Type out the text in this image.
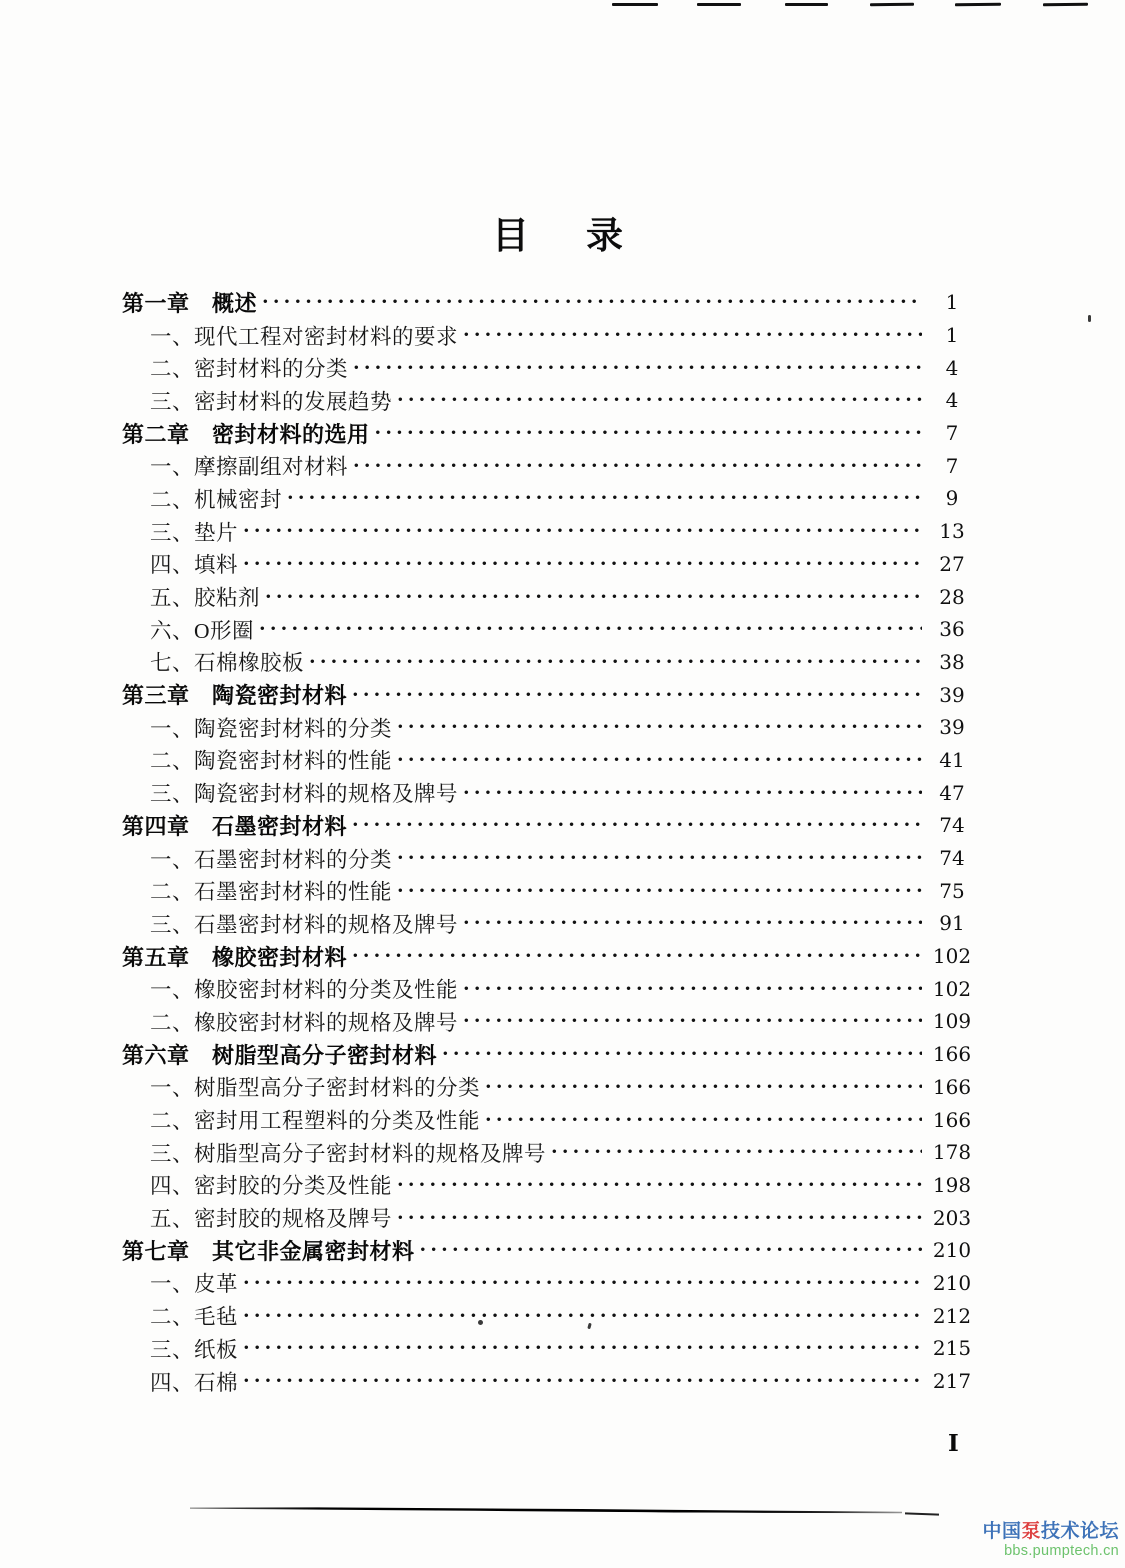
目　录
第一章　概述 ·····	1
一、现代工程对密封材料的要求 ·····	1
二、密封材料的分类 ·····	4
三、密封材料的发展趋势 ·····	4
第二章　密封材料的选用 ·····	7
一、摩擦副组对材料 ·····	7
二、机械密封 ·····	9
三、垫片 ·····	13
四、填料 ·····	27
五、胶粘剂 ·····	28
六、O形圈 ·····	36
七、石棉橡胶板 ·····	38
第三章　陶瓷密封材料 ·····	39
一、陶瓷密封材料的分类 ·····	39
二、陶瓷密封材料的性能 ·····	41
三、陶瓷密封材料的规格及牌号 ·····	47
第四章　石墨密封材料 ·····	74
一、石墨密封材料的分类 ·····	74
二、石墨密封材料的性能 ·····	75
三、石墨密封材料的规格及牌号 ·····	91
第五章　橡胶密封材料 ·····	102
一、橡胶密封材料的分类及性能 ·····	102
二、橡胶密封材料的规格及牌号 ·····	109
第六章　树脂型高分子密封材料 ·····	166
一、树脂型高分子密封材料的分类 ·····	166
二、密封用工程塑料的分类及性能 ·····	166
三、树脂型高分子密封材料的规格及牌号 ·····	178
四、密封胶的分类及性能 ·····	198
五、密封胶的规格及牌号 ·····	203
第七章　其它非金属密封材料 ·····	210
一、皮革 ·····	210
二、毛毡 ·····	212
三、纸板 ·····	215
四、石棉 ·····	217
I
中国泵技术论坛
bbs.pumptech.cn
